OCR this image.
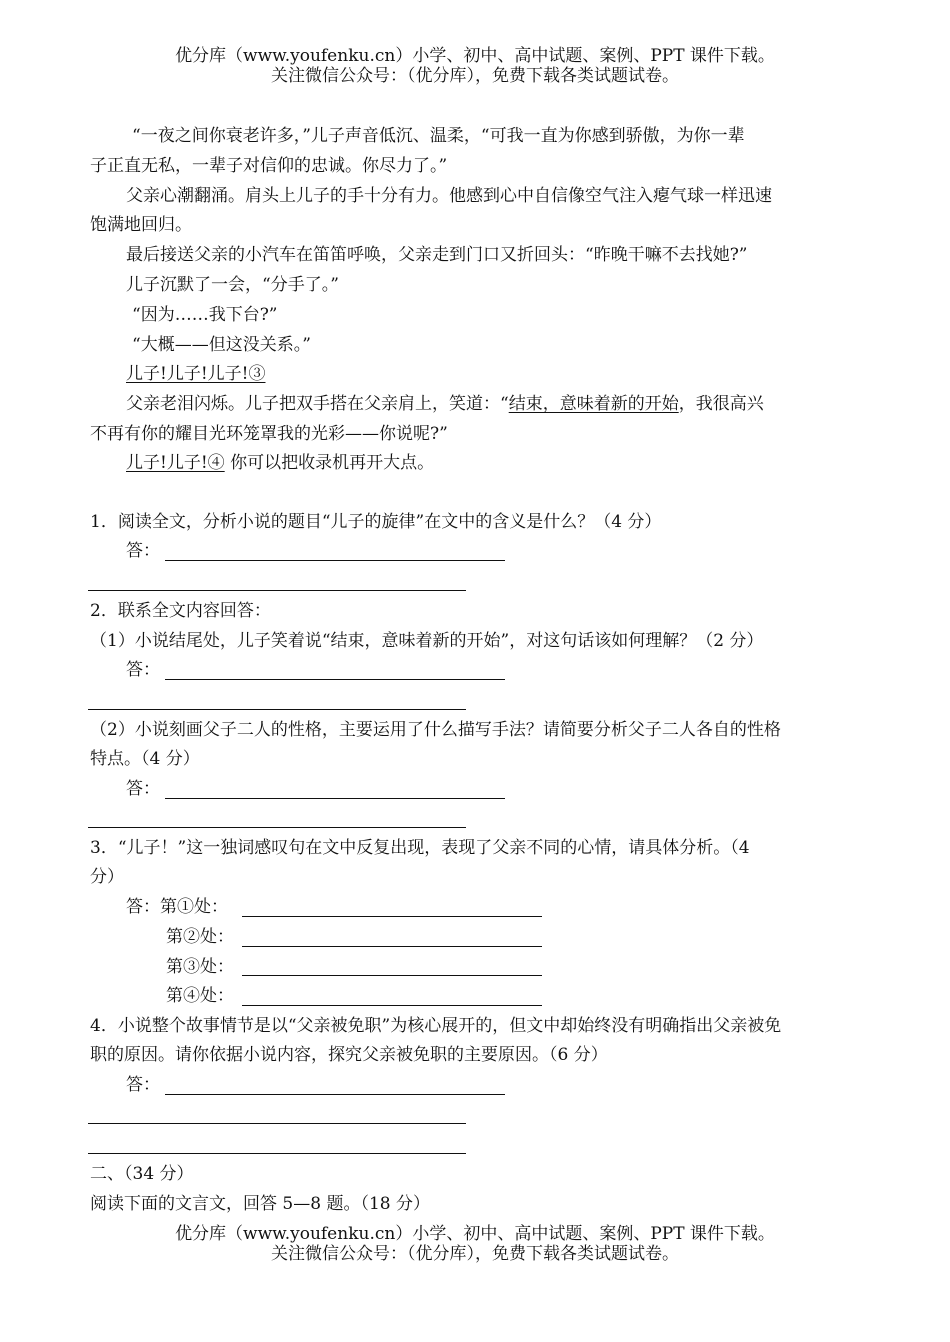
优分库（www.youfenku.cn）小学、初中、高中试题、案例、PPT 课件下载。
关注微信公众号：（优分库），免费下载各类试题试卷。
“一夜之间你衰老许多，”儿子声音低沉、温柔，“可我一直为你感到骄傲，为你一辈
子正直无私，一辈子对信仰的忠诚。你尽力了。”
父亲心潮翻涌。肩头上儿子的手十分有力。他感到心中自信像空气注入瘪气球一样迅速
饱满地回归。
最后接送父亲的小汽车在笛笛呼唤，父亲走到门口又折回头：“昨晚干嘛不去找她?”
儿子沉默了一会，“分手了。”
“因为……我下台?”
“大概——但这没关系。”
儿子!儿子!儿子!③
父亲老泪闪烁。儿子把双手搭在父亲肩上，笑道：“结束，意味着新的开始，我很高兴
不再有你的耀目光环笼罩我的光彩——你说呢?”
儿子!儿子!④ 你可以把收录机再开大点。
1．阅读全文，分析小说的题目“儿子的旋律”在文中的含义是什么？（4 分）
答：
2．联系全文内容回答：
（1）小说结尾处，儿子笑着说“结束，意味着新的开始”，对这句话该如何理解？（2 分）
答：
（2）小说刻画父子二人的性格，主要运用了什么描写手法？请简要分析父子二人各自的性格
特点。（4 分）
答：
3．“儿子！”这一独词感叹句在文中反复出现，表现了父亲不同的心情，请具体分析。（4
分）
答：第①处：
第②处：
第③处：
第④处：
4．小说整个故事情节是以“父亲被免职”为核心展开的，但文中却始终没有明确指出父亲被免
职的原因。请你依据小说内容，探究父亲被免职的主要原因。（6 分）
答：
二、（34 分）
阅读下面的文言文，回答 5—8 题。（18 分）
优分库（www.youfenku.cn）小学、初中、高中试题、案例、PPT 课件下载。
关注微信公众号：（优分库），免费下载各类试题试卷。
